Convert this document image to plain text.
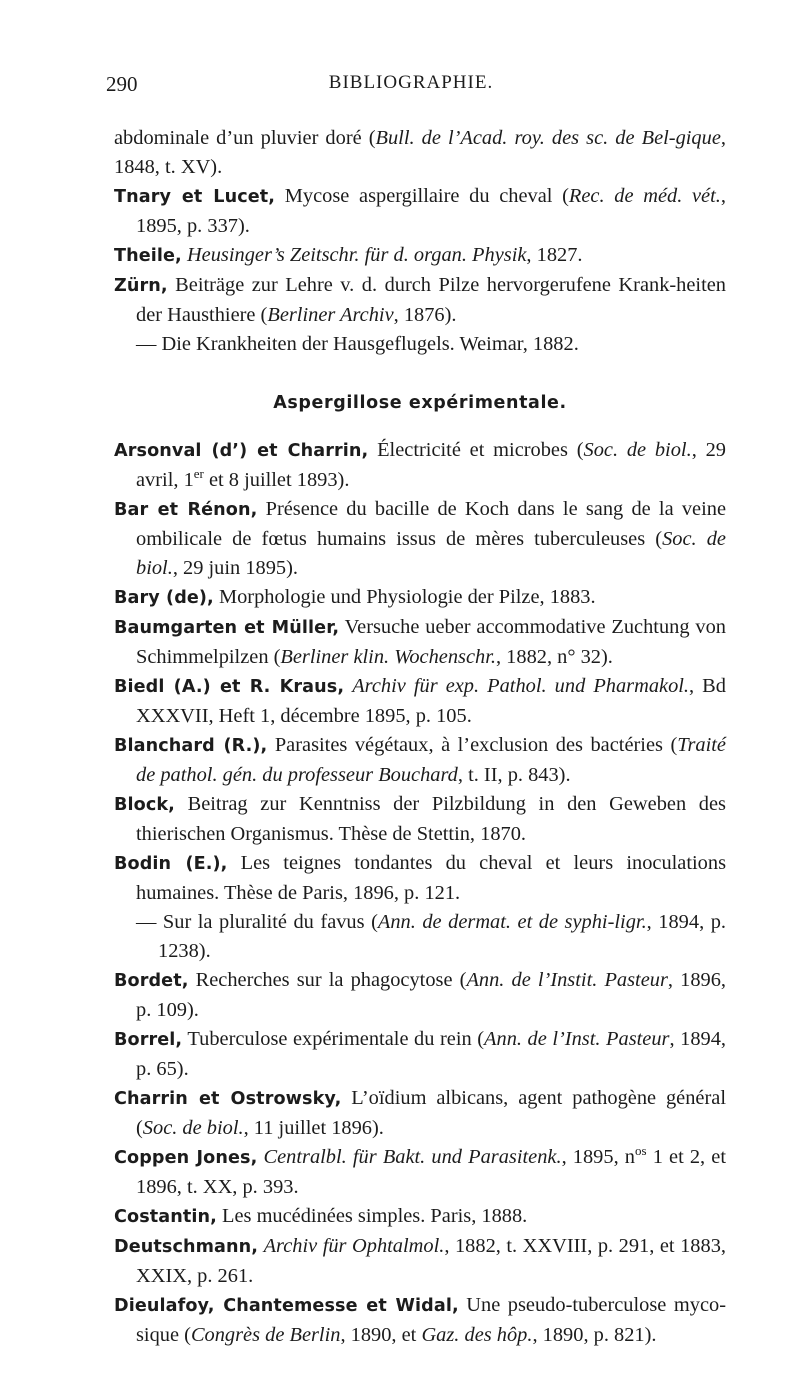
290	BIBLIOGRAPHIE.

abdominale d’un pluvier doré (Bull. de l’Acad. roy. des sc. de Bel-gique, 1848, t. XV).

Tnary et Lucet, Mycose aspergillaire du cheval (Rec. de méd. vét., 1895, p. 337).

Theile, Heusinger’s Zeitschr. für d. organ. Physik, 1827.

Zürn, Beiträge zur Lehre v. d. durch Pilze hervorgerufene Krank-heiten der Hausthiere (Berliner Archiv, 1876).

— Die Krankheiten der Hausgeflugels. Weimar, 1882.

Aspergillose expérimentale.

Arsonval (d’) et Charrin, Électricité et microbes (Soc. de biol., 29 avril, 1er et 8 juillet 1893).

Bar et Rénon, Présence du bacille de Koch dans le sang de la veine ombilicale de fœtus humains issus de mères tuberculeuses (Soc. de biol., 29 juin 1895).

Bary (de), Morphologie und Physiologie der Pilze, 1883.

Baumgarten et Müller, Versuche ueber accommodative Zuchtung von Schimmelpilzen (Berliner klin. Wochenschr., 1882, n° 32).

Biedl (A.) et R. Kraus, Archiv für exp. Pathol. und Pharmakol., Bd XXXVII, Heft 1, décembre 1895, p. 105.

Blanchard (R.), Parasites végétaux, à l’exclusion des bactéries (Traité de pathol. gén. du professeur Bouchard, t. II, p. 843).

Block, Beitrag zur Kenntniss der Pilzbildung in den Geweben des thierischen Organismus. Thèse de Stettin, 1870.

Bodin (E.), Les teignes tondantes du cheval et leurs inoculations humaines. Thèse de Paris, 1896, p. 121.

— Sur la pluralité du favus (Ann. de dermat. et de syphi-ligr., 1894, p. 1238).

Bordet, Recherches sur la phagocytose (Ann. de l’Instit. Pasteur, 1896, p. 109).

Borrel, Tuberculose expérimentale du rein (Ann. de l’Inst. Pasteur, 1894, p. 65).

Charrin et Ostrowsky, L’oïdium albicans, agent pathogène général (Soc. de biol., 11 juillet 1896).

Coppen Jones, Centralbl. für Bakt. und Parasitenk., 1895, $n^{os}$ 1 et 2, et 1896, t. XX, p. 393.

Costantin, Les mucédinées simples. Paris, 1888.

Deutschmann, Archiv für Ophtalmol., 1882, t. XXVIII, p. 291, et 1883, XXIX, p. 261.

Dieulafoy, Chantemesse et Widal, Une pseudo-tuberculose myco-sique (Congrès de Berlin, 1890, et Gaz. des hôp., 1890, p. 821).
